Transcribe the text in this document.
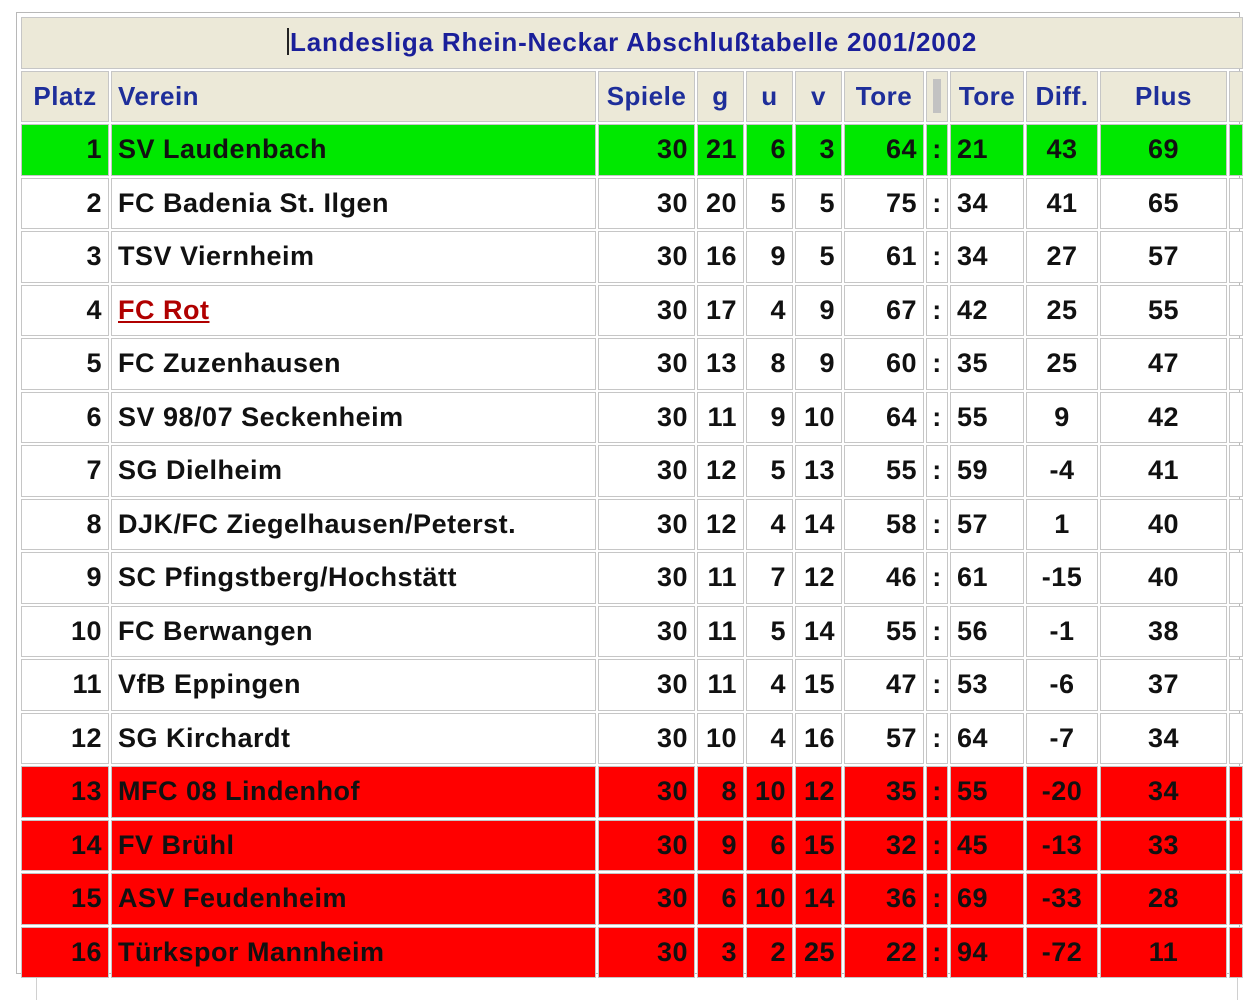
Landesliga Rhein-Neckar Abschlußtabelle 2001/2002											
Platz	Verein	Spiele	g	u	v	Tore		Tore	Diff.	Plus	
1	SV Laudenbach	30	21	6	3	64	:	21	43	69	
2	FC Badenia St. Ilgen	30	20	5	5	75	:	34	41	65	
3	TSV Viernheim	30	16	9	5	61	:	34	27	57	
4	FC Rot	30	17	4	9	67	:	42	25	55	
5	FC Zuzenhausen	30	13	8	9	60	:	35	25	47	
6	SV 98/07 Seckenheim	30	11	9	10	64	:	55	9	42	
7	SG Dielheim	30	12	5	13	55	:	59	-4	41	
8	DJK/FC Ziegelhausen/Peterst.	30	12	4	14	58	:	57	1	40	
9	SC Pfingstberg/Hochstätt	30	11	7	12	46	:	61	-15	40	
10	FC Berwangen	30	11	5	14	55	:	56	-1	38	
11	VfB Eppingen	30	11	4	15	47	:	53	-6	37	
12	SG Kirchardt	30	10	4	16	57	:	64	-7	34	
13	MFC 08 Lindenhof	30	8	10	12	35	:	55	-20	34	
14	FV Brühl	30	9	6	15	32	:	45	-13	33	
15	ASV Feudenheim	30	6	10	14	36	:	69	-33	28	
16	Türkspor Mannheim	30	3	2	25	22	:	94	-72	11	
